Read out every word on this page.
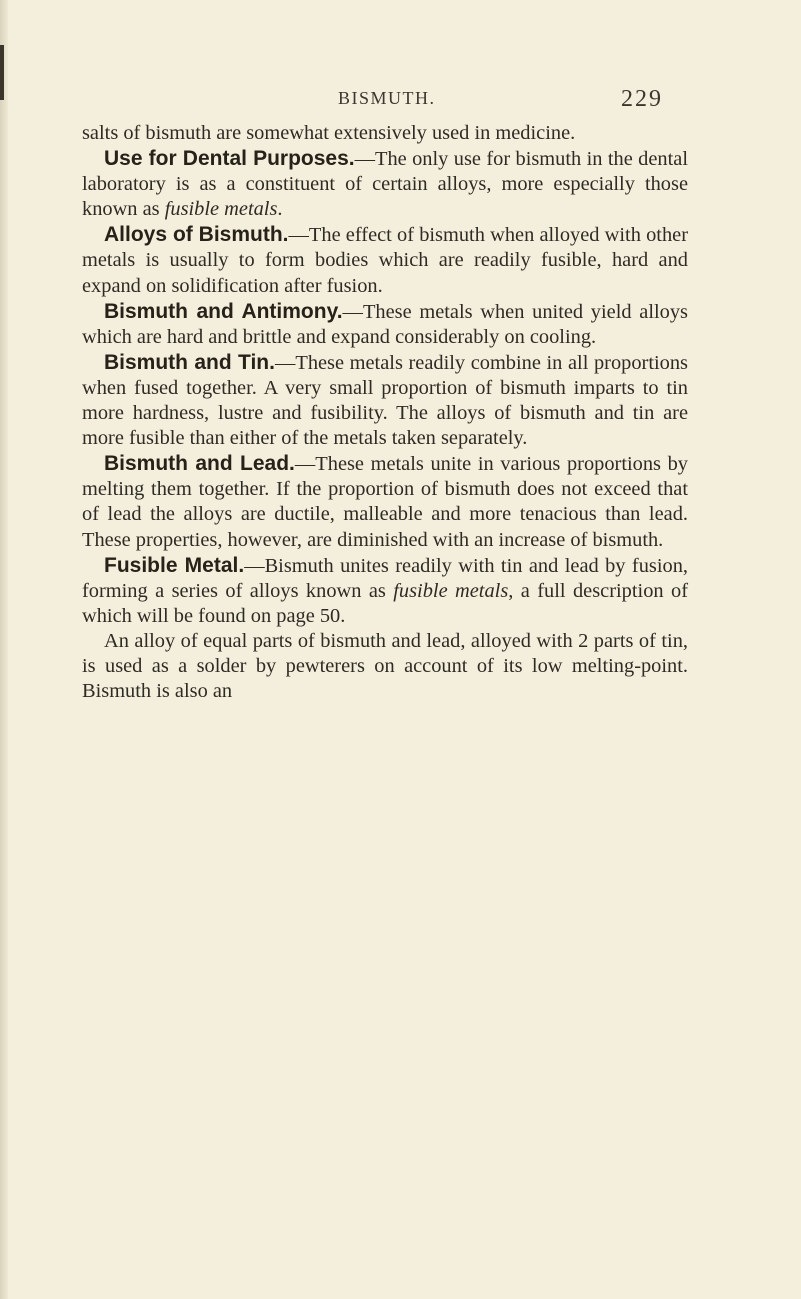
BISMUTH.	229

salts of bismuth are somewhat extensively used in medicine.

Use for Dental Purposes.—The only use for bismuth in the dental laboratory is as a constituent of certain alloys, more especially those known as fusible metals.

Alloys of Bismuth.—The effect of bismuth when alloyed with other metals is usually to form bodies which are readily fusible, hard and expand on solidification after fusion.

Bismuth and Antimony.—These metals when united yield alloys which are hard and brittle and expand considerably on cooling.

Bismuth and Tin.—These metals readily combine in all proportions when fused together. A very small proportion of bismuth imparts to tin more hardness, lustre and fusibility. The alloys of bismuth and tin are more fusible than either of the metals taken separately.

Bismuth and Lead.—These metals unite in various proportions by melting them together. If the proportion of bismuth does not exceed that of lead the alloys are ductile, malleable and more tenacious than lead. These properties, however, are diminished with an increase of bismuth.

Fusible Metal.—Bismuth unites readily with tin and lead by fusion, forming a series of alloys known as fusible metals, a full description of which will be found on page 50.

An alloy of equal parts of bismuth and lead, alloyed with 2 parts of tin, is used as a solder by pewterers on account of its low melting-point. Bismuth is also an
